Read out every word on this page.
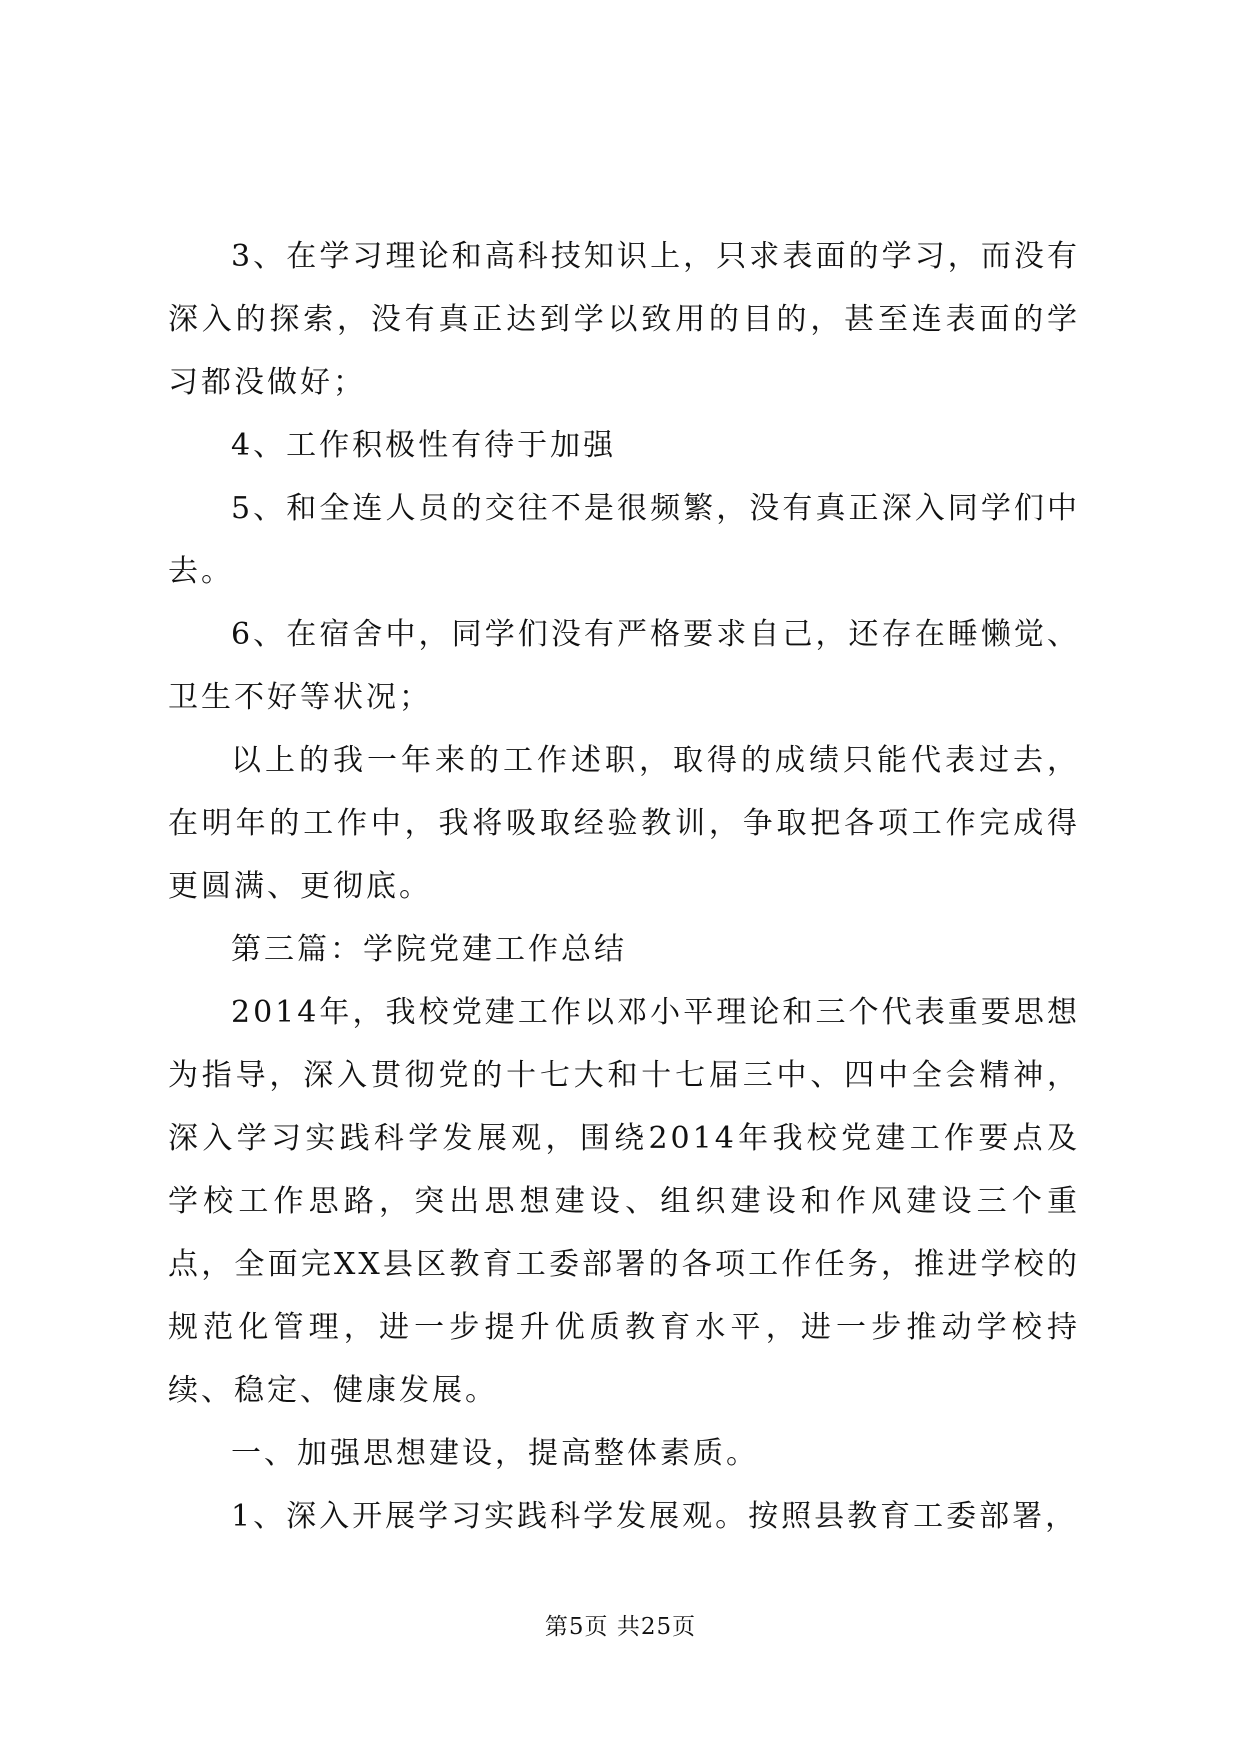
3、在学习理论和高科技知识上，只求表面的学习，而没有深入的探索，没有真正达到学以致用的目的，甚至连表面的学习都没做好；

4、工作积极性有待于加强

5、和全连人员的交往不是很频繁，没有真正深入同学们中去。

6、在宿舍中，同学们没有严格要求自己，还存在睡懒觉、卫生不好等状况；

以上的我一年来的工作述职，取得的成绩只能代表过去，在明年的工作中，我将吸取经验教训，争取把各项工作完成得更圆满、更彻底。

第三篇：学院党建工作总结

2014年，我校党建工作以邓小平理论和三个代表重要思想为指导，深入贯彻党的十七大和十七届三中、四中全会精神，深入学习实践科学发展观，围绕2014年我校党建工作要点及学校工作思路，突出思想建设、组织建设和作风建设三个重点，全面完XX县区教育工委部署的各项工作任务，推进学校的规范化管理，进一步提升优质教育水平，进一步推动学校持续、稳定、健康发展。

一、加强思想建设，提高整体素质。

1、深入开展学习实践科学发展观。按照县教育工委部署，

第5页 共25页
